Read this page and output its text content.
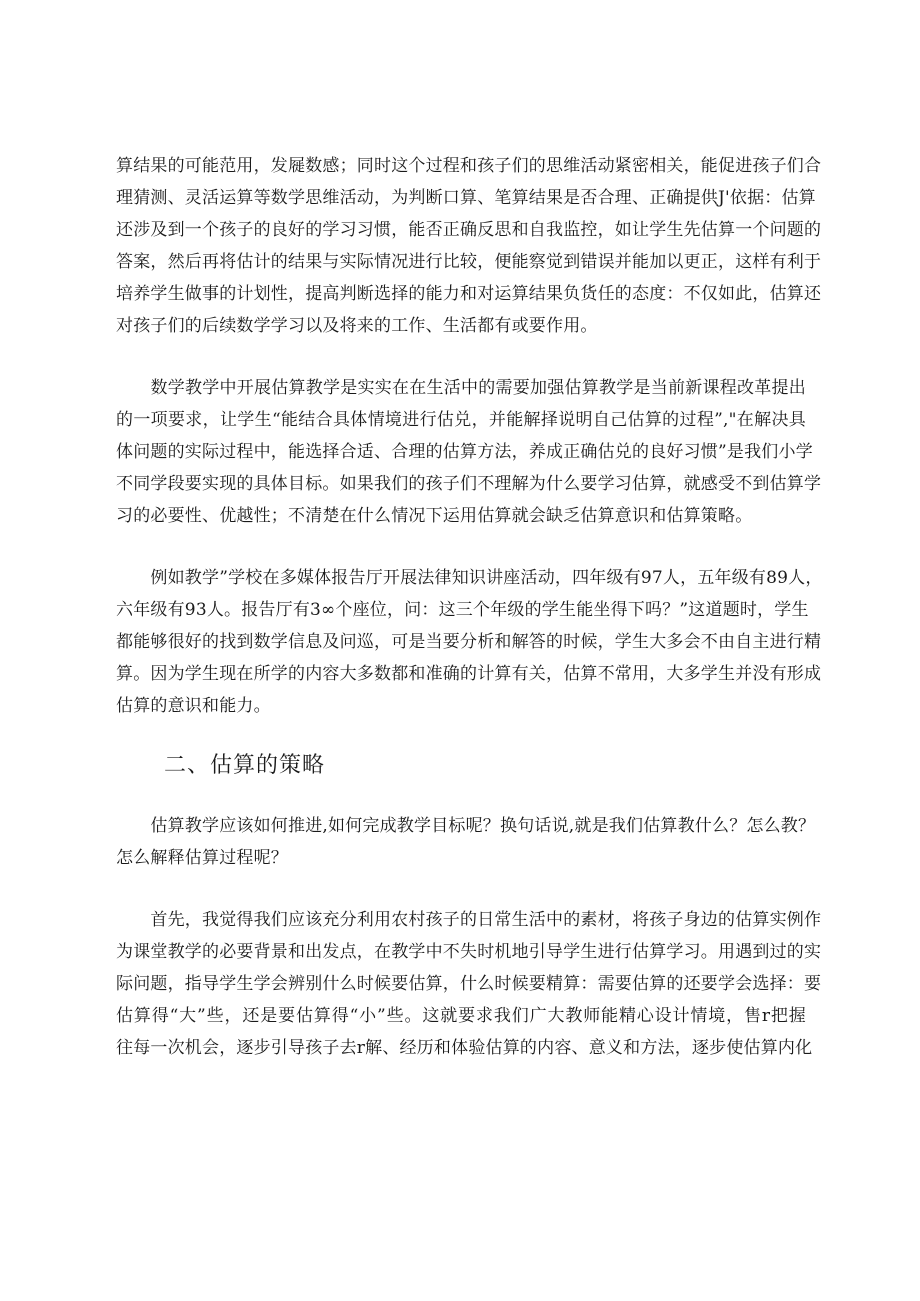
算结果的可能范用，发屣数感；同时这个过程和孩子们的思维活动紧密相关，能促进孩子们合
理猜测、灵活运算等数学思维活动，为判断口算、笔算结果是否合理、正确提供J'依据：估算
还涉及到一个孩子的良好的学习习惯，能否正确反思和自我监控，如让学生先估算一个问题的
答案，然后再将估计的结果与实际情况进行比较，便能察觉到错误并能加以更正，这样有利于
培养学生做事的计划性，提高判断选择的能力和对运算结果负货任的态度：不仅如此，估算还
对孩子们的后续数学学习以及将来的工作、生活都有或要作用。

　　数学教学中开展估算教学是实实在在生活中的需要加强估算教学是当前新课程改革提出
的一项要求，让学生“能结合具体情境进行估兑，并能解择说明自己估算的过程”,"在解决具
体问题的实际过程中，能选择合适、合理的估算方法，养成正确估兑的良好习惯”是我们小学
不同学段要实现的具体目标。如果我们的孩子们不理解为什么要学习估算，就感受不到估算学
习的必要性、优越性；不清楚在什么情况下运用估算就会缺乏估算意识和估算策略。

　　例如教学”学校在多媒体报告厅开展法律知识讲座活动，四年级有97人，五年级有89人，
六年级有93人。报告厅有3∞个座位，问：这三个年级的学生能坐得下吗？”这道题时，学生
都能够很好的找到数学信息及问巡，可是当要分析和解答的时候，学生大多会不由自主进行精
算。因为学生现在所学的内容大多数都和准确的计算有关，估算不常用，大多学生并没有形成
估算的意识和能力。

二、估算的策略

　　估算教学应该如何推进,如何完成教学目标呢？换句话说,就是我们估算教什么？怎么教？
怎么解释估算过程呢？

　　首先，我觉得我们应该充分利用农村孩子的日常生活中的素材，将孩子身边的估算实例作
为课堂教学的必要背景和出发点，在教学中不失时机地引导学生进行估算学习。用遇到过的实
际问题，指导学生学会辨别什么时候要估算，什么时候要精算：需要估算的还要学会选择：要
估算得“大”些，还是要估算得“小”些。这就要求我们广大教师能精心设计情境，售r把握
往每一次机会，逐步引导孩子去r解、经历和体验估算的内容、意义和方法，逐步使估算内化
